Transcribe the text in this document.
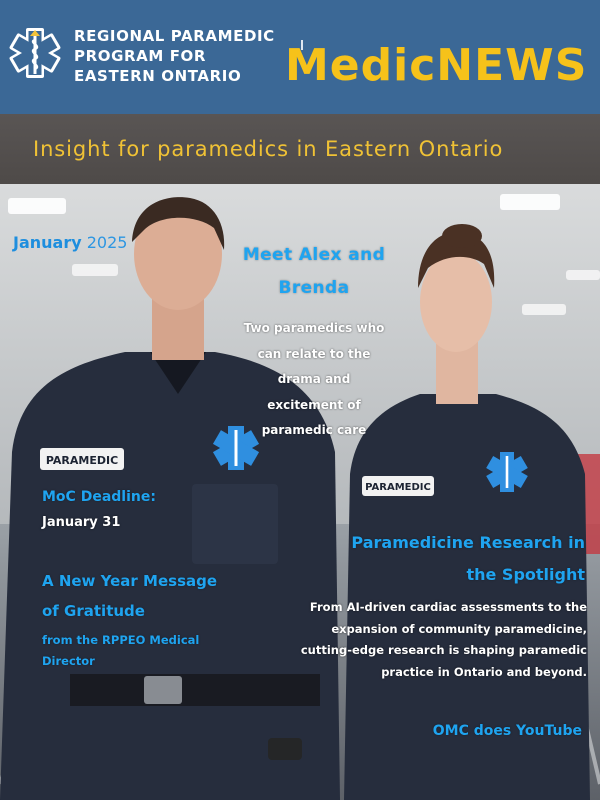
REGIONAL PARAMEDIC
PROGRAM FOR
EASTERN ONTARIO MedicNEWS
Insight for paramedics in Eastern Ontario
PARAMEDIC
PARAMEDIC
January 2025
Meet Alex and
Brenda
Two paramedics who
can relate to the
drama and
excitement of
paramedic care
MoC Deadline:
January 31
A New Year Message
of Gratitude
from the RPPEO Medical
Director
Paramedicine Research in
the Spotlight
From AI-driven cardiac assessments to the
expansion of community paramedicine,
cutting-edge research is shaping paramedic
practice in Ontario and beyond.
OMC does YouTube
